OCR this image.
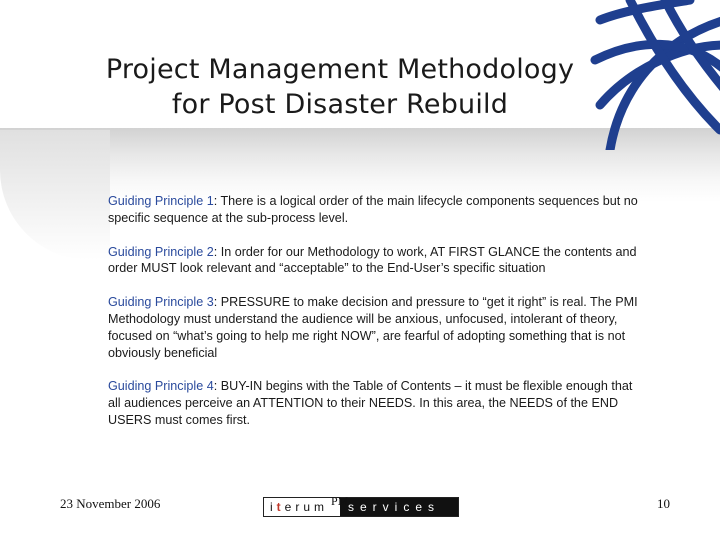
Project Management Methodology
for Post Disaster Rebuild

Guiding Principle 1: There is a logical order of the main lifecycle components sequences but no specific sequence at the sub-process level.

Guiding Principle 2: In order for our Methodology to work, AT FIRST GLANCE the contents and order MUST look relevant and “acceptable” to the End-User’s specific situation

Guiding Principle 3: PRESSURE to make decision and pressure to “get it right” is real. The PMI Methodology must understand the audience will be anxious, unfocused, intolerant of theory, focused on “what’s going to help me right NOW”, are fearful of adopting something that is not obviously beneficial

Guiding Principle 4: BUY-IN begins with the Table of Contents – it must be flexible enough that all audiences perceive an ATTENTION to their NEEDS. In this area, the NEEDS of the END USERS must comes first.

23 November 2006	i t erum	services
PM	10
